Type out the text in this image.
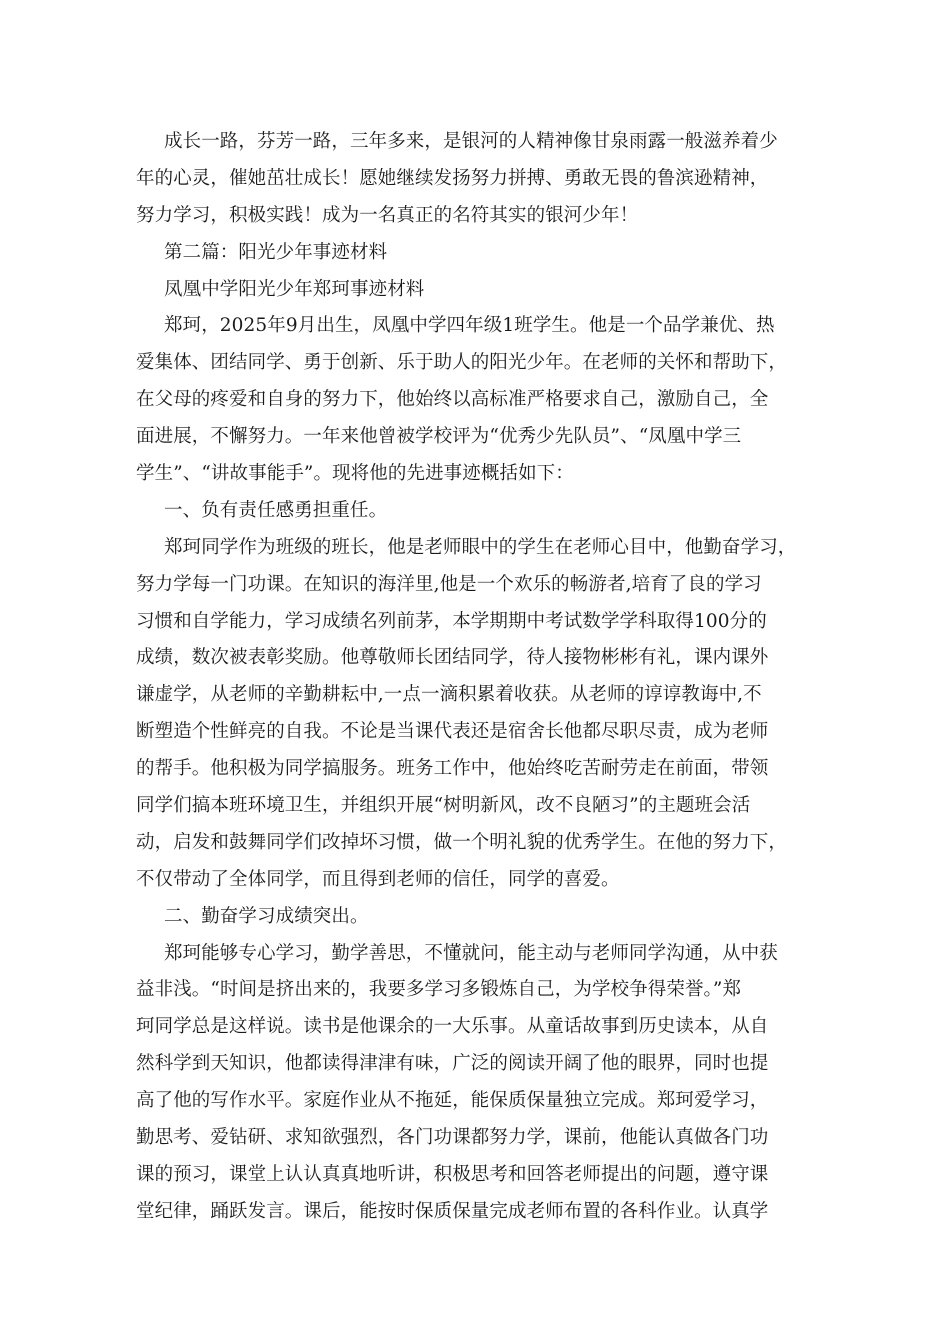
成长一路，芬芳一路，三年多来，是银河的人精神像甘泉雨露一般滋养着少
年的心灵，催她茁壮成长！愿她继续发扬努力拼搏、勇敢无畏的鲁滨逊精神，
努力学习，积极实践！成为一名真正的名符其实的银河少年！
第二篇：阳光少年事迹材料
凤凰中学阳光少年郑珂事迹材料
郑珂，2025年9月出生，凤凰中学四年级1班学生。他是一个品学兼优、热
爱集体、团结同学、勇于创新、乐于助人的阳光少年。在老师的关怀和帮助下，
在父母的疼爱和自身的努力下，他始终以高标准严格要求自己，激励自己，全
面进展，不懈努力。一年来他曾被学校评为“优秀少先队员”、“凤凰中学三
学生”、“讲故事能手”。现将他的先进事迹概括如下：
一、负有责任感勇担重任。
郑珂同学作为班级的班长，他是老师眼中的学生在老师心目中，他勤奋学习，
努力学每一门功课。在知识的海洋里,他是一个欢乐的畅游者,培育了良的学习
习惯和自学能力，学习成绩名列前茅，本学期期中考试数学学科取得100分的
成绩，数次被表彰奖励。他尊敬师长团结同学，待人接物彬彬有礼，课内课外
谦虚学，从老师的辛勤耕耘中,一点一滴积累着收获。从老师的谆谆教诲中,不
断塑造个性鲜亮的自我。不论是当课代表还是宿舍长他都尽职尽责，成为老师
的帮手。他积极为同学搞服务。班务工作中，他始终吃苦耐劳走在前面，带领
同学们搞本班环境卫生，并组织开展“树明新风，改不良陋习”的主题班会活
动，启发和鼓舞同学们改掉坏习惯，做一个明礼貌的优秀学生。在他的努力下，
不仅带动了全体同学，而且得到老师的信任，同学的喜爱。
二、勤奋学习成绩突出。
郑珂能够专心学习，勤学善思，不懂就问，能主动与老师同学沟通，从中获
益非浅。“时间是挤出来的，我要多学习多锻炼自己，为学校争得荣誉。”郑
珂同学总是这样说。读书是他课余的一大乐事。从童话故事到历史读本，从自
然科学到天知识，他都读得津津有味，广泛的阅读开阔了他的眼界，同时也提
高了他的写作水平。家庭作业从不拖延，能保质保量独立完成。郑珂爱学习，
勤思考、爱钻研、求知欲强烈，各门功课都努力学，课前，他能认真做各门功
课的预习，课堂上认认真真地听讲，积极思考和回答老师提出的问题，遵守课
堂纪律，踊跃发言。课后，能按时保质保量完成老师布置的各科作业。认真学
